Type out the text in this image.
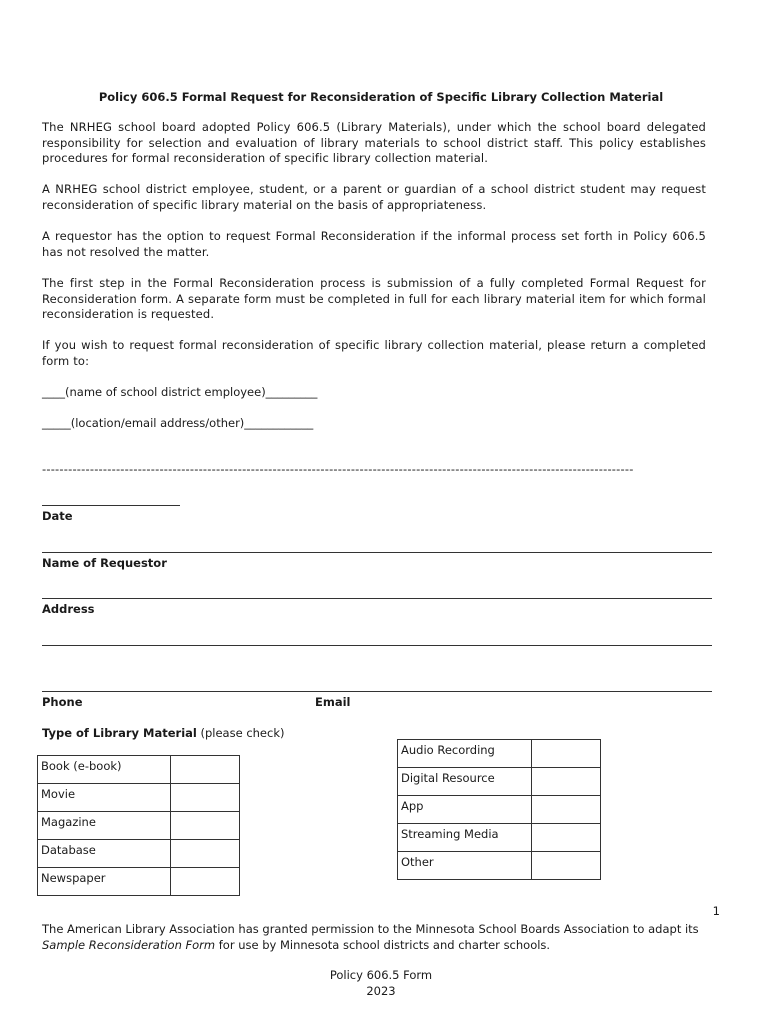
Policy 606.5 Formal Request for Reconsideration of Specific Library Collection Material
The NRHEG school board adopted Policy 606.5 (Library Materials), under which the school board delegated responsibility for selection and evaluation of library materials to school district staff. This policy establishes procedures for formal reconsideration of specific library collection material.
A NRHEG school district employee, student, or a parent or guardian of a school district student may request reconsideration of specific library material on the basis of appropriateness.
A requestor has the option to request Formal Reconsideration if the informal process set forth in Policy 606.5 has not resolved the matter.
The first step in the Formal Reconsideration process is submission of a fully completed Formal Request for Reconsideration form. A separate form must be completed in full for each library material item for which formal reconsideration is requested.
If you wish to request formal reconsideration of specific library collection material, please return a completed form to:
____(name of school district employee)_________
_____(location/email address/other)____________
----------------------------------------------------------------------------------------------------------------------------------------
Date
Name of Requestor
Address
Phone	Email
Type of Library Material (please check)
Book (e-book)	
Movie	
Magazine	
Database	
Newspaper	
Audio Recording	
Digital Resource	
App	
Streaming Media	
Other	
1
The American Library Association has granted permission to the Minnesota School Boards Association to adapt its Sample Reconsideration Form for use by Minnesota school districts and charter schools.
Policy 606.5 Form
2023
